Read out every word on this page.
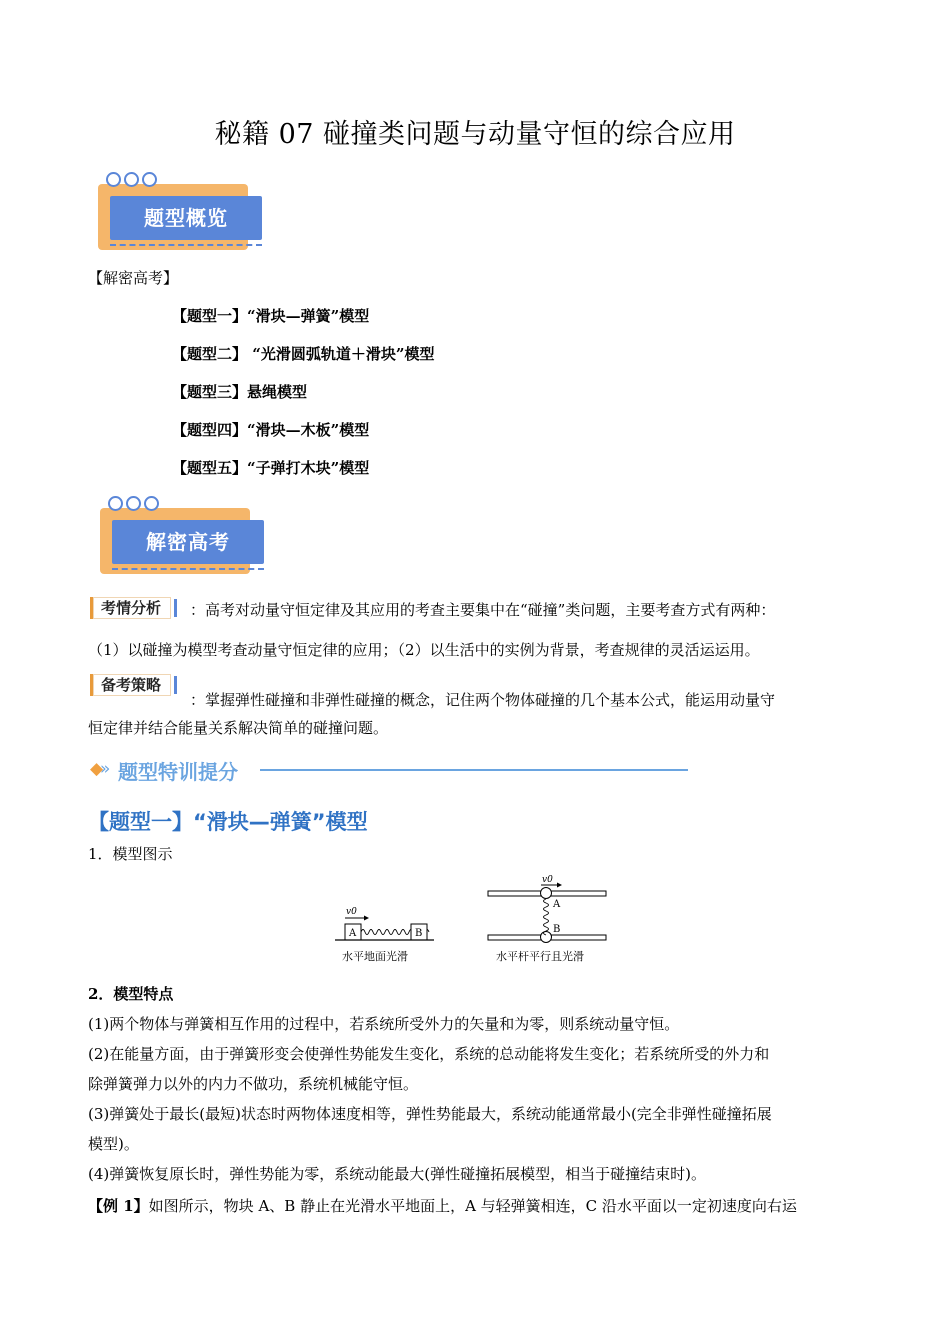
秘籍 07 碰撞类问题与动量守恒的综合应用
题型概览
【解密高考】
【题型一】“滑块—弹簧”模型
【题型二】 “光滑圆弧轨道＋滑块”模型
【题型三】悬绳模型
【题型四】“滑块—木板”模型
【题型五】“子弹打木块”模型
解密高考
考情分析	：高考对动量守恒定律及其应用的考查主要集中在“碰撞”类问题，主要考查方式有两种：
（1）以碰撞为模型考查动量守恒定律的应用；（2）以生活中的实例为背景，考查规律的灵活运运用。
备考策略
：掌握弹性碰撞和非弹性碰撞的概念，记住两个物体碰撞的几个基本公式，能运用动量守
恒定律并结合能量关系解决简单的碰撞问题。
◆
» 题型特训提分
【题型一】“滑块—弹簧”模型
1．模型图示
v0
A	B
水平地面光滑
v0
A
B
水平杆平行且光滑
2．模型特点
(1)两个物体与弹簧相互作用的过程中，若系统所受外力的矢量和为零，则系统动量守恒。
(2)在能量方面，由于弹簧形变会使弹性势能发生变化，系统的总动能将发生变化；若系统所受的外力和
除弹簧弹力以外的内力不做功，系统机械能守恒。
(3)弹簧处于最长(最短)状态时两物体速度相等，弹性势能最大，系统动能通常最小(完全非弹性碰撞拓展
模型)。
(4)弹簧恢复原长时，弹性势能为零，系统动能最大(弹性碰撞拓展模型，相当于碰撞结束时)。
【例 1】如图所示，物块 A、B 静止在光滑水平地面上，A 与轻弹簧相连，C 沿水平面以一定初速度向右运
